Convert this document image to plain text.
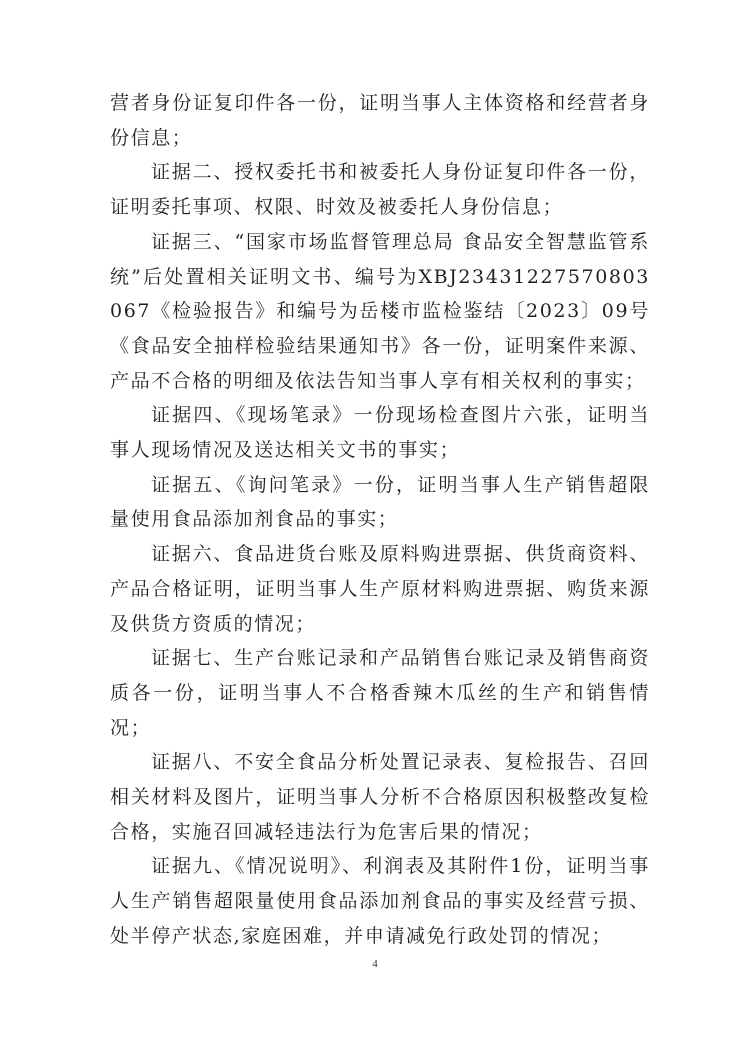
营者身份证复印件各一份，证明当事人主体资格和经营者身份信息；

证据二、授权委托书和被委托人身份证复印件各一份，证明委托事项、权限、时效及被委托人身份信息；

证据三、“国家市场监督管理总局 食品安全智慧监管系统”后处置相关证明文书、编号为XBJ23431227570803067《检验报告》和编号为岳楼市监检鉴结〔2023〕09号《食品安全抽样检验结果通知书》各一份，证明案件来源、产品不合格的明细及依法告知当事人享有相关权利的事实；

证据四、《现场笔录》一份现场检查图片六张，证明当事人现场情况及送达相关文书的事实；

证据五、《询问笔录》一份，证明当事人生产销售超限量使用食品添加剂食品的事实；

证据六、食品进货台账及原料购进票据、供货商资料、产品合格证明，证明当事人生产原材料购进票据、购货来源及供货方资质的情况；

证据七、生产台账记录和产品销售台账记录及销售商资质各一份，证明当事人不合格香辣木瓜丝的生产和销售情况；

证据八、不安全食品分析处置记录表、复检报告、召回相关材料及图片，证明当事人分析不合格原因积极整改复检合格，实施召回减轻违法行为危害后果的情况；

证据九、《情况说明》、利润表及其附件1份，证明当事人生产销售超限量使用食品添加剂食品的事实及经营亏损、处半停产状态,家庭困难，并申请减免行政处罚的情况；

4
